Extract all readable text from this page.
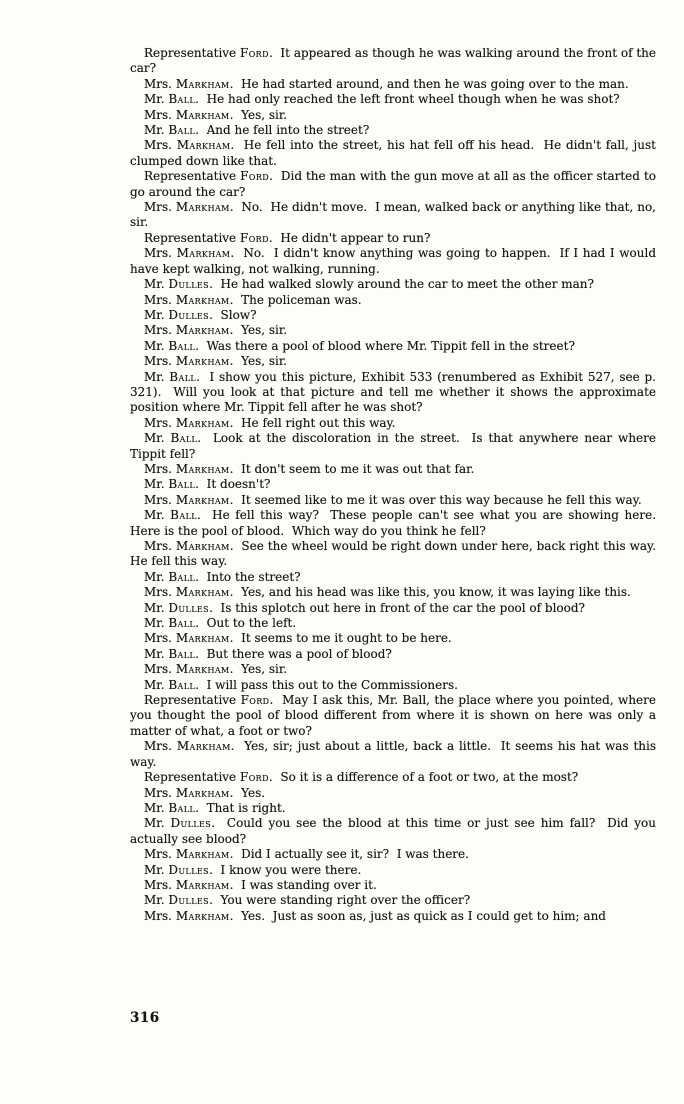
Representative Ford.  It appeared as though he was walking around the front of the car?

Mrs. Markham.  He had started around, and then he was going over to the man.

Mr. Ball.  He had only reached the left front wheel though when he was shot?

Mrs. Markham.  Yes, sir.

Mr. Ball.  And he fell into the street?

Mrs. Markham.  He fell into the street, his hat fell off his head.  He didn't fall, just clumped down like that.

Representative Ford.  Did the man with the gun move at all as the officer started to go around the car?

Mrs. Markham.  No.  He didn't move.  I mean, walked back or anything like that, no, sir.

Representative Ford.  He didn't appear to run?

Mrs. Markham.  No.  I didn't know anything was going to happen.  If I had I would have kept walking, not walking, running.

Mr. Dulles.  He had walked slowly around the car to meet the other man?

Mrs. Markham.  The policeman was.

Mr. Dulles.  Slow?

Mrs. Markham.  Yes, sir.

Mr. Ball.  Was there a pool of blood where Mr. Tippit fell in the street?

Mrs. Markham.  Yes, sir.

Mr. Ball.  I show you this picture, Exhibit 533 (renumbered as Exhibit 527, see p. 321).  Will you look at that picture and tell me whether it shows the approximate position where Mr. Tippit fell after he was shot?

Mrs. Markham.  He fell right out this way.

Mr. Ball.  Look at the discoloration in the street.  Is that anywhere near where Tippit fell?

Mrs. Markham.  It don't seem to me it was out that far.

Mr. Ball.  It doesn't?

Mrs. Markham.  It seemed like to me it was over this way because he fell this way.

Mr. Ball.  He fell this way?  These people can't see what you are showing here.  Here is the pool of blood.  Which way do you think he fell?

Mrs. Markham.  See the wheel would be right down under here, back right this way.  He fell this way.

Mr. Ball.  Into the street?

Mrs. Markham.  Yes, and his head was like this, you know, it was laying like this.

Mr. Dulles.  Is this splotch out here in front of the car the pool of blood?

Mr. Ball.  Out to the left.

Mrs. Markham.  It seems to me it ought to be here.

Mr. Ball.  But there was a pool of blood?

Mrs. Markham.  Yes, sir.

Mr. Ball.  I will pass this out to the Commissioners.

Representative Ford.  May I ask this, Mr. Ball, the place where you pointed, where you thought the pool of blood different from where it is shown on here was only a matter of what, a foot or two?

Mrs. Markham.  Yes, sir; just about a little, back a little.  It seems his hat was this way.

Representative Ford.  So it is a difference of a foot or two, at the most?

Mrs. Markham.  Yes.

Mr. Ball.  That is right.

Mr. Dulles.  Could you see the blood at this time or just see him fall?  Did you actually see blood?

Mrs. Markham.  Did I actually see it, sir?  I was there.

Mr. Dulles.  I know you were there.

Mrs. Markham.  I was standing over it.

Mr. Dulles.  You were standing right over the officer?

Mrs. Markham.  Yes.  Just as soon as, just as quick as I could get to him; and

316
